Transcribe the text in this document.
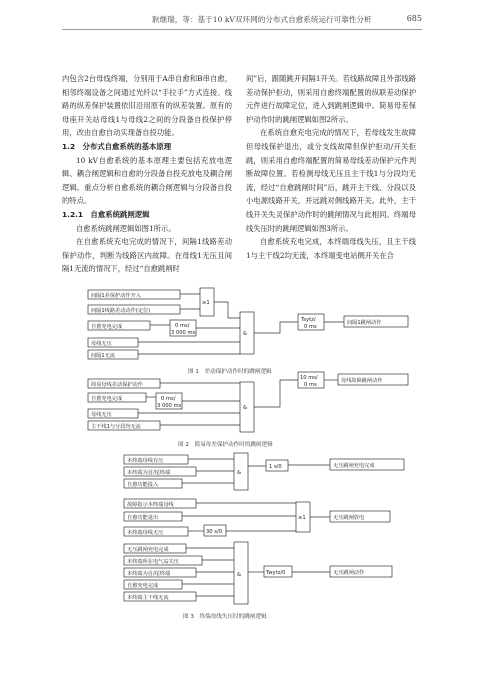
耿继瑞，等：基于10 kV双环网的分布式自愈系统运行可靠性分析	685

内包含2台母线终端，分别用于A串自愈和B串自愈，相邻终端设备之间通过光纤以“手拉手”方式连接。线路的纵差保护装置依旧沿用原有的纵差装置。原有的母座开关站母线1与母线2之间的分段备自投保护停用，改由自愈自动实现备自投功能。

1.2　分布式自愈系统的基本原理

10 kV自愈系统的基本原理主要包括充放电逻辑、耦合闸逻辑和自愈的分段备自投充放电及耦合闸逻辑。重点分析自愈系统的耦合闸逻辑与分段备自投的特点。

1.2.1　自愈系统跳闸逻辑

自愈系统跳闸逻辑如图1所示。

在自愈系统充电完成的情况下，间隔1线路差动保护动作，判断为线路区内故障。在母线1无压且间隔1无流的情况下，经过“自愈跳闸时

间”后，跟随跳开间隔1开关。若线路故障且外部线路差动保护拒动，则采用自愈终端配置的纵联差动保护元件进行故障定位，进入到跳闸逻辑中。简易母差保护动作时的跳闸逻辑如图2所示。

在系统自愈充电完成的情况下，若母线发生故障但母线保护退出，或分支线故障但保护拒动/开关拒跳，则采用自愈终端配置的简易母线差动保护元件判断故障位置。若检测母线无压且主干线1与分段均无流，经过“自愈跳闸时间”后，跳开主干线、分段以及小电源线路开关，并远跳对侧线路开关。此外，主干线开关失灵保护动作时的跳闸情况与此相同。终端母线失压时的跳闸逻辑如图3所示。

自愈系统充电完成，本终端母线失压，且主干线1与主干线2均无流，本终端变电站侧开关在合

间隔1差保护动作开入
间隔1线路差动动作(定位)
自愈充电完成
母线无压
间隔1无流
≥1
0 ms/
3 000 ms	&
Tsytz/
0 ms
间隔1跳闸动作
图 1　差动保护动作时的跳闸逻辑
简易母线差动保护动作
自愈充电完成
母线无压
主干线1与分段均无流
0 ms/
3 000 ms	&
10 ms/
0 ms
母线故障跳闸动作
图 2　简易母差保护动作时的跳闸逻辑
本终端母线有压
本终端为首/尾终端
自愈功能投入
&
1 s/0	无压跳闸充电完成
故障指示本终端母线
自愈功能退出
本终端母线无压	30 s/0
≥1	无压跳闸放电
无压跳闸充电完成
本终端所在电气岛失压
本终端为首/尾终端
自愈充电完成
本终端主干线无流
&	Twytz/0	无压跳闸动作
图 3　终端母线失压时的跳闸逻辑
